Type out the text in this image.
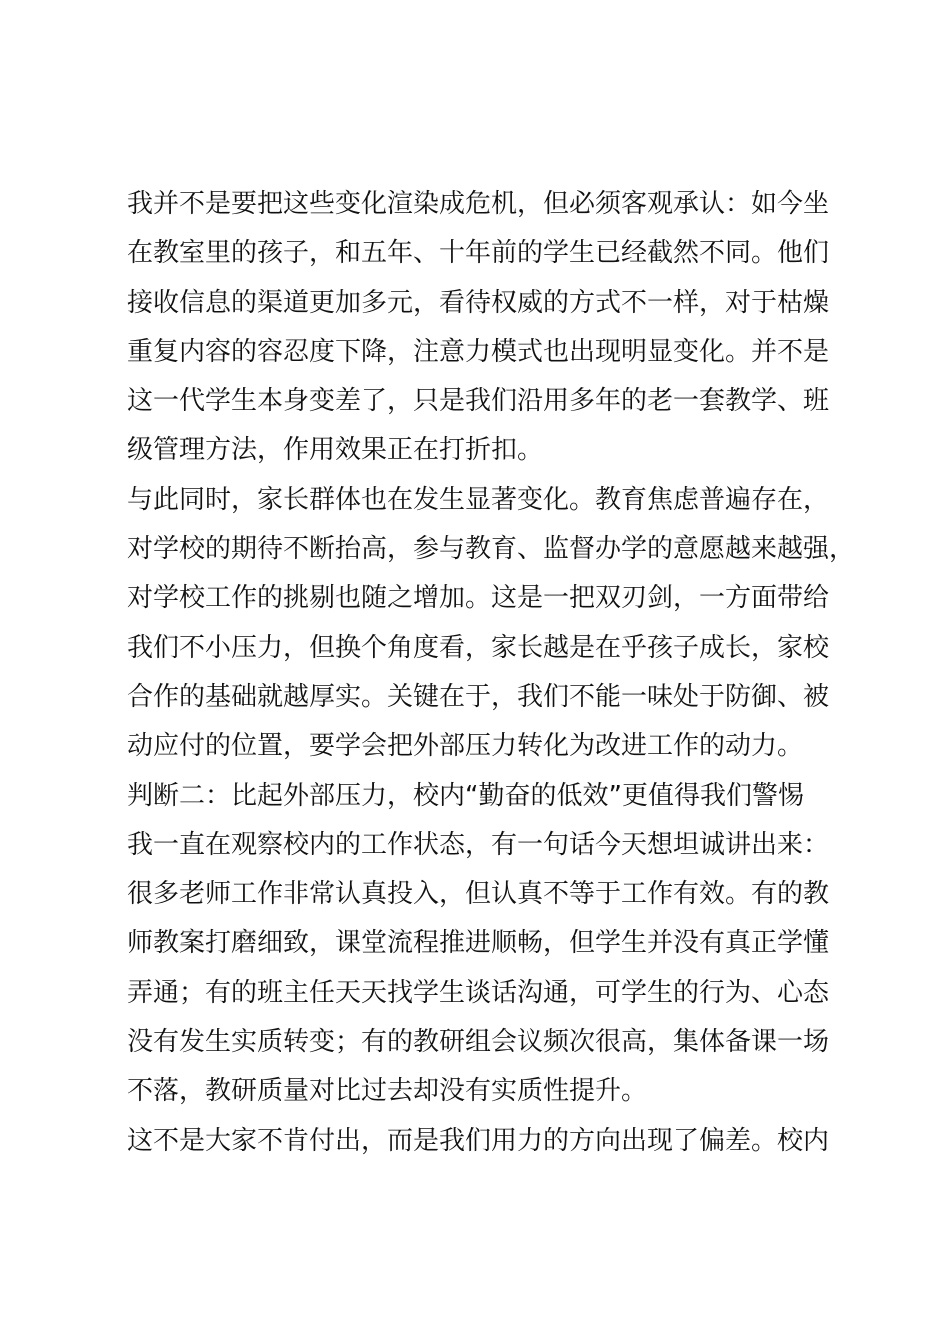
我并不是要把这些变化渲染成危机，但必须客观承认：如今坐
在教室里的孩子，和五年、十年前的学生已经截然不同。他们
接收信息的渠道更加多元，看待权威的方式不一样，对于枯燥
重复内容的容忍度下降，注意力模式也出现明显变化。并不是
这一代学生本身变差了，只是我们沿用多年的老一套教学、班
级管理方法，作用效果正在打折扣。
与此同时，家长群体也在发生显著变化。教育焦虑普遍存在，
对学校的期待不断抬高，参与教育、监督办学的意愿越来越强，
对学校工作的挑剔也随之增加。这是一把双刃剑，一方面带给
我们不小压力，但换个角度看，家长越是在乎孩子成长，家校
合作的基础就越厚实。关键在于，我们不能一味处于防御、被
动应付的位置，要学会把外部压力转化为改进工作的动力。
判断二：比起外部压力，校内“勤奋的低效”更值得我们警惕
我一直在观察校内的工作状态，有一句话今天想坦诚讲出来：
很多老师工作非常认真投入，但认真不等于工作有效。有的教
师教案打磨细致，课堂流程推进顺畅，但学生并没有真正学懂
弄通；有的班主任天天找学生谈话沟通，可学生的行为、心态
没有发生实质转变；有的教研组会议频次很高，集体备课一场
不落，教研质量对比过去却没有实质性提升。
这不是大家不肯付出，而是我们用力的方向出现了偏差。校内
